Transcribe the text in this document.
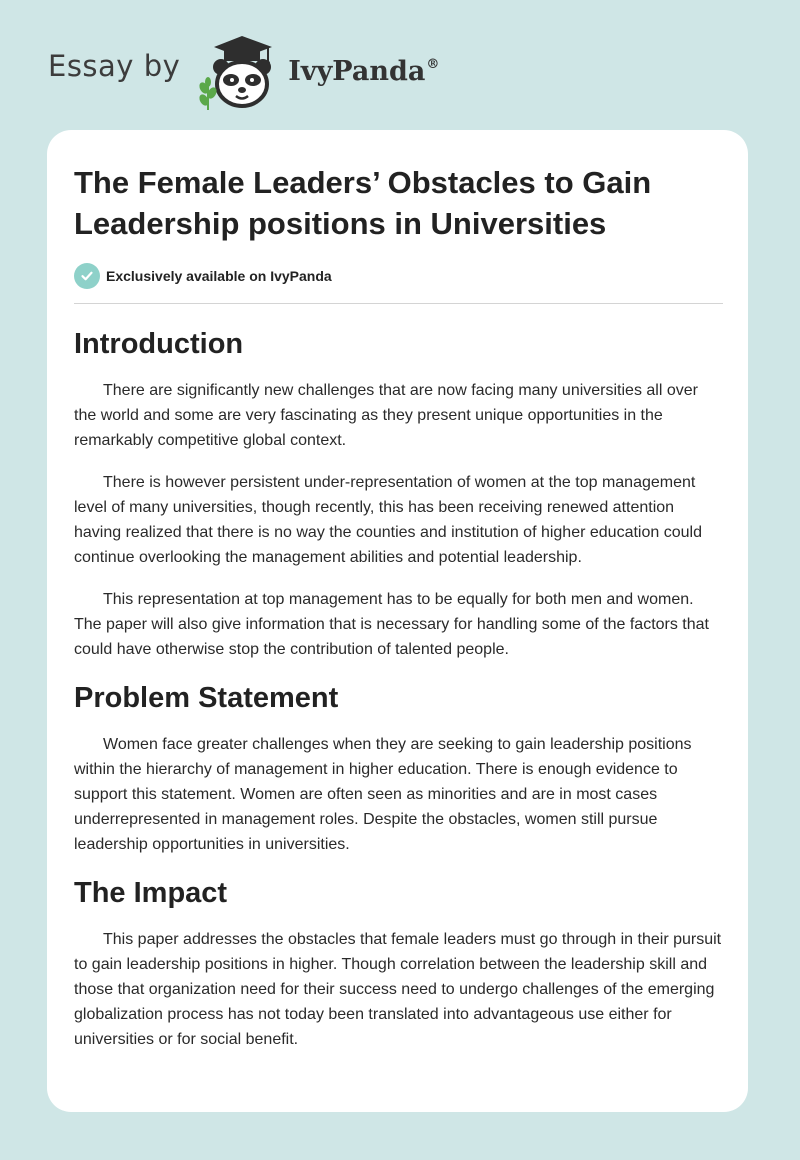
Essay by	IvyPanda®
The Female Leaders’ Obstacles to Gain Leadership positions in Universities
Exclusively available on IvyPanda
Introduction

There are significantly new challenges that are now facing many universities all over the world and some are very fascinating as they present unique opportunities in the remarkably competitive global context.

There is however persistent under-representation of women at the top management level of many universities, though recently, this has been receiving renewed attention having realized that there is no way the counties and institution of higher education could continue overlooking the management abilities and potential leadership.

This representation at top management has to be equally for both men and women. The paper will also give information that is necessary for handling some of the factors that could have otherwise stop the contribution of talented people.

Problem Statement

Women face greater challenges when they are seeking to gain leadership positions within the hierarchy of management in higher education. There is enough evidence to support this statement. Women are often seen as minorities and are in most cases underrepresented in management roles. Despite the obstacles, women still pursue leadership opportunities in universities.

The Impact

This paper addresses the obstacles that female leaders must go through in their pursuit to gain leadership positions in higher. Though correlation between the leadership skill and those that organization need for their success need to undergo challenges of the emerging globalization process has not today been translated into advantageous use either for universities or for social benefit.
